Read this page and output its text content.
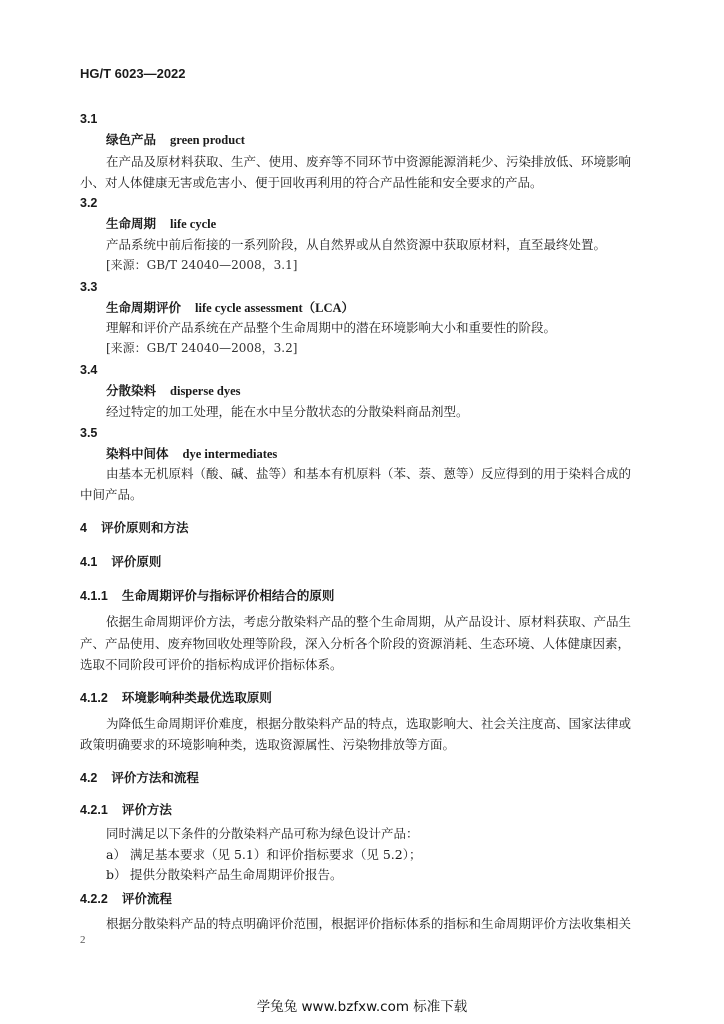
HG/T 6023—2022
3.1
绿色产品 green product
在产品及原材料获取、生产、使用、废弃等不同环节中资源能源消耗少、污染排放低、环境影响
小、对人体健康无害或危害小、便于回收再利用的符合产品性能和安全要求的产品。
3.2
生命周期 life cycle
产品系统中前后衔接的一系列阶段，从自然界或从自然资源中获取原材料，直至最终处置。
[来源：GB/T 24040—2008，3.1]
3.3
生命周期评价 life cycle assessment（LCA）
理解和评价产品系统在产品整个生命周期中的潜在环境影响大小和重要性的阶段。
[来源：GB/T 24040—2008，3.2]
3.4
分散染料 disperse dyes
经过特定的加工处理，能在水中呈分散状态的分散染料商品剂型。
3.5
染料中间体 dye intermediates
由基本无机原料（酸、碱、盐等）和基本有机原料（苯、萘、蒽等）反应得到的用于染料合成的
中间产品。
4 评价原则和方法
4.1 评价原则
4.1.1 生命周期评价与指标评价相结合的原则
依据生命周期评价方法，考虑分散染料产品的整个生命周期，从产品设计、原材料获取、产品生
产、产品使用、废弃物回收处理等阶段，深入分析各个阶段的资源消耗、生态环境、人体健康因素，
选取不同阶段可评价的指标构成评价指标体系。
4.1.2 环境影响种类最优选取原则
为降低生命周期评价难度，根据分散染料产品的特点，选取影响大、社会关注度高、国家法律或
政策明确要求的环境影响种类，选取资源属性、污染物排放等方面。
4.2 评价方法和流程
4.2.1 评价方法
同时满足以下条件的分散染料产品可称为绿色设计产品：
a） 满足基本要求（见 5.1）和评价指标要求（见 5.2）；
b） 提供分散染料产品生命周期评价报告。
4.2.2 评价流程
根据分散染料产品的特点明确评价范围，根据评价指标体系的指标和生命周期评价方法收集相关
2
学兔兔 www.bzfxw.com 标准下载
